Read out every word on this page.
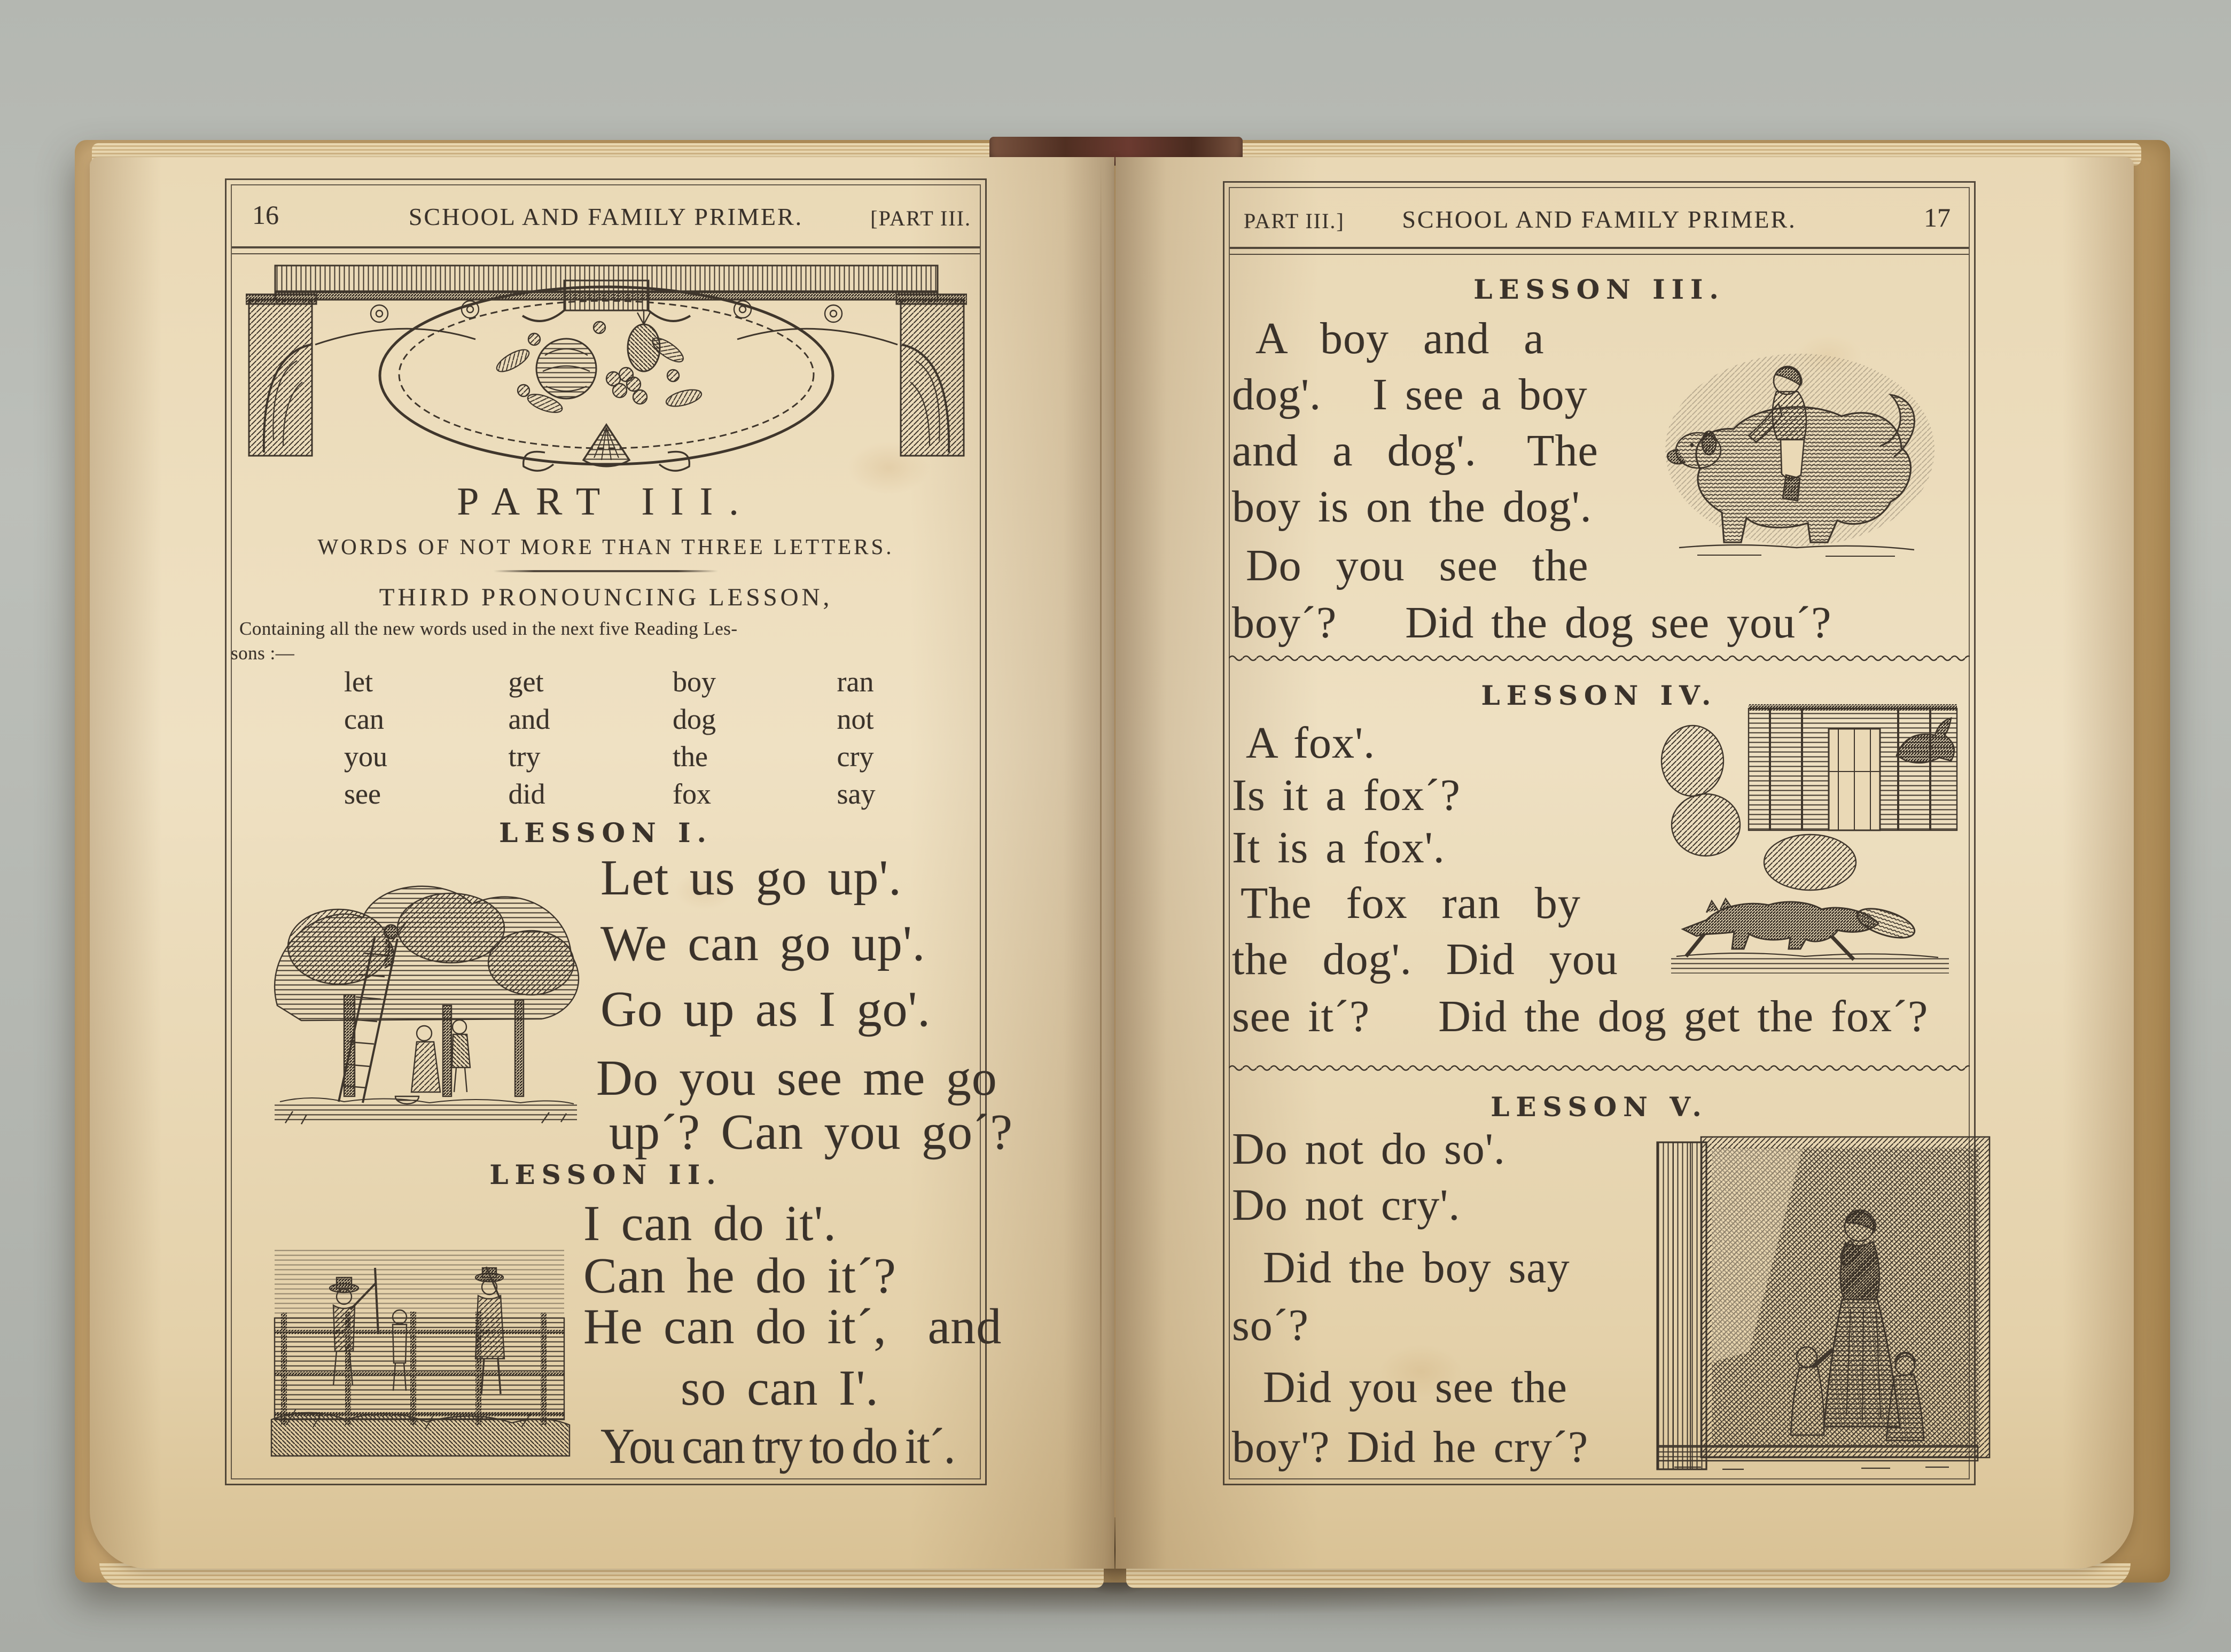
16	SCHOOL AND FAMILY PRIMER.	[PART III.
PART III.
WORDS OF NOT MORE THAN THREE LETTERS.
THIRD PRONOUNCING LESSON,
Containing all the new words used in the next five Reading Les-
sons :—
let	get	boy	ran
can	and	dog	not
you	try	the	cry
see	did	fox	say
LESSON I.
Let us go up'.
We can go up'.
Go up as I go'.
Do you see me go
up´? Can you go´?
LESSON II.
I can do it'.
Can he do it´?
He can do it´,  and
so can I'.
You can try to do it´.
PART III.]	SCHOOL AND FAMILY PRIMER.	17
LESSON III.
A  boy  and  a
dog'.   I see a boy
and  a  dog'.   The
boy is on the dog'.
Do  you  see  the
boy´?    Did the dog see you´?
LESSON IV.
A fox'.
Is it a fox´?
It is a fox'.
The  fox  ran  by
the  dog'.  Did  you
see it´?    Did the dog get the fox´?
LESSON V.
Do not do so'.
Do not cry'.
Did the boy say
so´?
Did you see the
boy'? Did he cry´?
